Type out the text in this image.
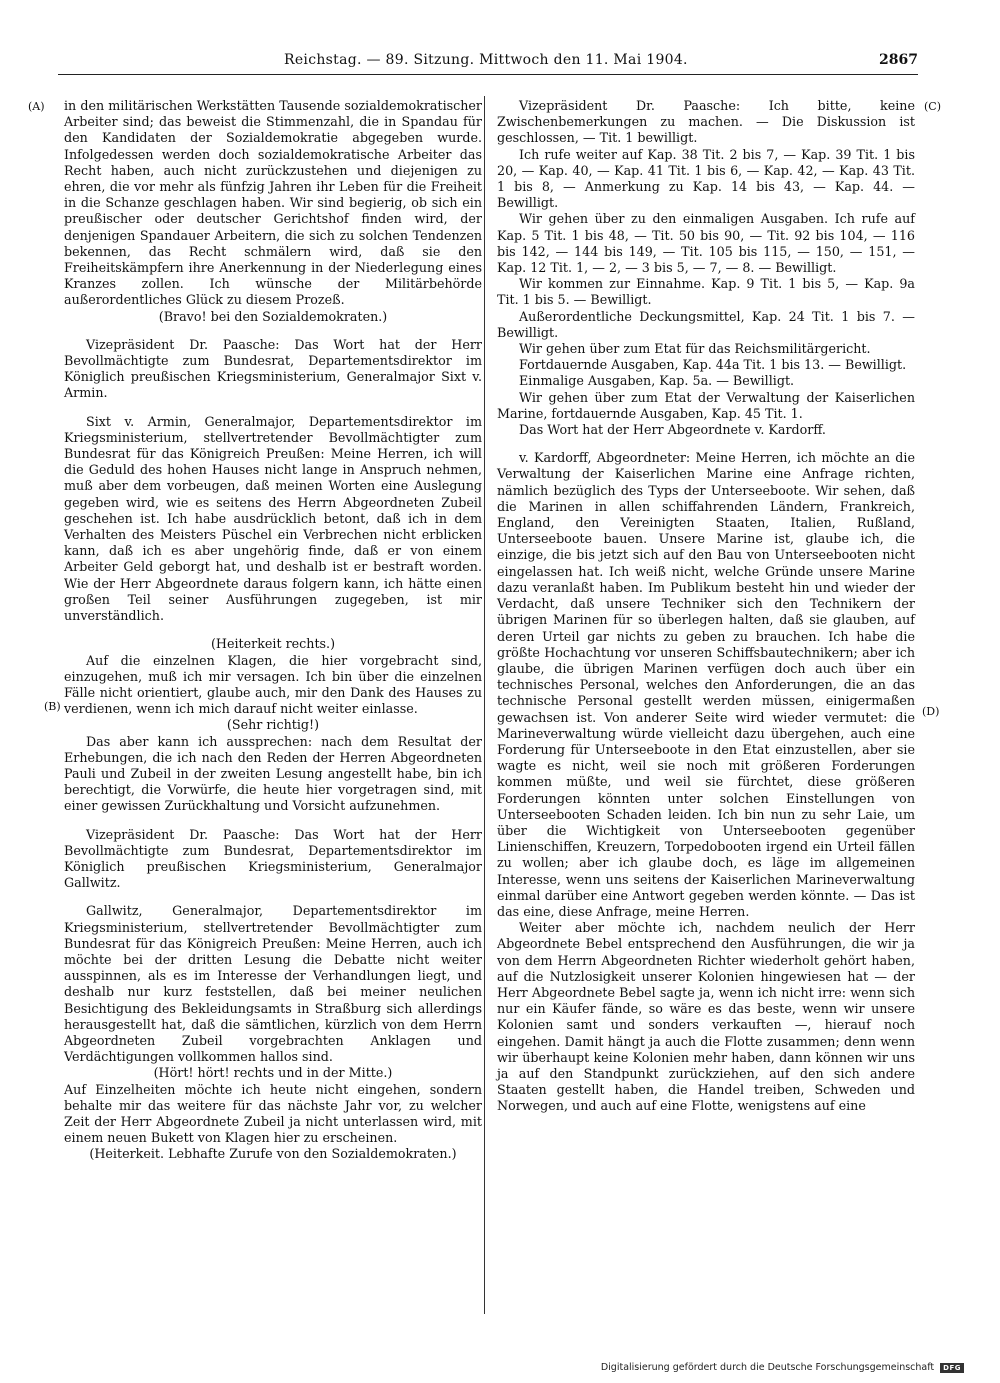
Reichstag. — 89. Sitzung. Mittwoch den 11. Mai 1904.	2867
(A)
(B)
(C)
(D)

in den militärischen Werkstätten Tausende sozialdemokratischer Arbeiter sind; das beweist die Stimmenzahl, die in Spandau für den Kandidaten der Sozialdemokratie abgegeben wurde. Infolgedessen werden doch sozialdemokratische Arbeiter das Recht haben, auch nicht zurückzustehen und diejenigen zu ehren, die vor mehr als fünfzig Jahren ihr Leben für die Freiheit in die Schanze geschlagen haben. Wir sind begierig, ob sich ein preußischer oder deutscher Gerichtshof finden wird, der denjenigen Spandauer Arbeitern, die sich zu solchen Tendenzen bekennen, das Recht schmälern wird, daß sie den Freiheitskämpfern ihre Anerkennung in der Niederlegung eines Kranzes zollen. Ich wünsche der Militärbehörde außerordentliches Glück zu diesem Prozeß.

(Bravo! bei den Sozialdemokraten.)

Vizepräsident Dr. Paasche: Das Wort hat der Herr Bevollmächtigte zum Bundesrat, Departementsdirektor im Königlich preußischen Kriegsministerium, Generalmajor Sixt v. Armin.

Sixt v. Armin, Generalmajor, Departementsdirektor im Kriegsministerium, stellvertretender Bevollmächtigter zum Bundesrat für das Königreich Preußen: Meine Herren, ich will die Geduld des hohen Hauses nicht lange in Anspruch nehmen, muß aber dem vorbeugen, daß meinen Worten eine Auslegung gegeben wird, wie es seitens des Herrn Abgeordneten Zubeil geschehen ist. Ich habe ausdrücklich betont, daß ich in dem Verhalten des Meisters Püschel ein Verbrechen nicht erblicken kann, daß ich es aber ungehörig finde, daß er von einem Arbeiter Geld geborgt hat, und deshalb ist er bestraft worden. Wie der Herr Abgeordnete daraus folgern kann, ich hätte einen großen Teil seiner Ausführungen zugegeben, ist mir unverständlich.

(Heiterkeit rechts.)

Auf die einzelnen Klagen, die hier vorgebracht sind, einzugehen, muß ich mir versagen. Ich bin über die einzelnen Fälle nicht orientiert, glaube auch, mir den Dank des Hauses zu verdienen, wenn ich mich darauf nicht weiter einlasse.

(Sehr richtig!)

Das aber kann ich aussprechen: nach dem Resultat der Erhebungen, die ich nach den Reden der Herren Abgeordneten Pauli und Zubeil in der zweiten Lesung angestellt habe, bin ich berechtigt, die Vorwürfe, die heute hier vorgetragen sind, mit einer gewissen Zurückhaltung und Vorsicht aufzunehmen.

Vizepräsident Dr. Paasche: Das Wort hat der Herr Bevollmächtigte zum Bundesrat, Departementsdirektor im Königlich preußischen Kriegsministerium, Generalmajor Gallwitz.

Gallwitz, Generalmajor, Departementsdirektor im Kriegsministerium, stellvertretender Bevollmächtigter zum Bundesrat für das Königreich Preußen: Meine Herren, auch ich möchte bei der dritten Lesung die Debatte nicht weiter ausspinnen, als es im Interesse der Verhandlungen liegt, und deshalb nur kurz feststellen, daß bei meiner neulichen Besichtigung des Bekleidungsamts in Straßburg sich allerdings herausgestellt hat, daß die sämtlichen, kürzlich von dem Herrn Abgeordneten Zubeil vorgebrachten Anklagen und Verdächtigungen vollkommen hallos sind.

(Hört! hört! rechts und in der Mitte.)

Auf Einzelheiten möchte ich heute nicht eingehen, sondern behalte mir das weitere für das nächste Jahr vor, zu welcher Zeit der Herr Abgeordnete Zubeil ja nicht unterlassen wird, mit einem neuen Bukett von Klagen hier zu erscheinen.

(Heiterkeit. Lebhafte Zurufe von den Sozialdemokraten.)

Vizepräsident Dr. Paasche: Ich bitte, keine Zwischenbemerkungen zu machen. — Die Diskussion ist geschlossen, — Tit. 1 bewilligt.

Ich rufe weiter auf Kap. 38 Tit. 2 bis 7, — Kap. 39 Tit. 1 bis 20, — Kap. 40, — Kap. 41 Tit. 1 bis 6, — Kap. 42, — Kap. 43 Tit. 1 bis 8, — Anmerkung zu Kap. 14 bis 43, — Kap. 44. — Bewilligt.

Wir gehen über zu den einmaligen Ausgaben. Ich rufe auf Kap. 5 Tit. 1 bis 48, — Tit. 50 bis 90, — Tit. 92 bis 104, — 116 bis 142, — 144 bis 149, — Tit. 105 bis 115, — 150, — 151, — Kap. 12 Tit. 1, — 2, — 3 bis 5, — 7, — 8. — Bewilligt.

Wir kommen zur Einnahme. Kap. 9 Tit. 1 bis 5, — Kap. 9a Tit. 1 bis 5. — Bewilligt.

Außerordentliche Deckungsmittel, Kap. 24 Tit. 1 bis 7. — Bewilligt.

Wir gehen über zum Etat für das Reichsmilitärgericht.

Fortdauernde Ausgaben, Kap. 44a Tit. 1 bis 13. — Bewilligt.

Einmalige Ausgaben, Kap. 5a. — Bewilligt.

Wir gehen über zum Etat der Verwaltung der Kaiserlichen Marine, fortdauernde Ausgaben, Kap. 45 Tit. 1.

Das Wort hat der Herr Abgeordnete v. Kardorff.

v. Kardorff, Abgeordneter: Meine Herren, ich möchte an die Verwaltung der Kaiserlichen Marine eine Anfrage richten, nämlich bezüglich des Typs der Unterseeboote. Wir sehen, daß die Marinen in allen schiffahrenden Ländern, Frankreich, England, den Vereinigten Staaten, Italien, Rußland, Unterseeboote bauen. Unsere Marine ist, glaube ich, die einzige, die bis jetzt sich auf den Bau von Unterseebooten nicht eingelassen hat. Ich weiß nicht, welche Gründe unsere Marine dazu veranlaßt haben. Im Publikum besteht hin und wieder der Verdacht, daß unsere Techniker sich den Technikern der übrigen Marinen für so überlegen halten, daß sie glauben, auf deren Urteil gar nichts zu geben zu brauchen. Ich habe die größte Hochachtung vor unseren Schiffsbautechnikern; aber ich glaube, die übrigen Marinen verfügen doch auch über ein technisches Personal, welches den Anforderungen, die an das technische Personal gestellt werden müssen, einigermaßen gewachsen ist. Von anderer Seite wird wieder vermutet: die Marineverwaltung würde vielleicht dazu übergehen, auch eine Forderung für Unterseeboote in den Etat einzustellen, aber sie wagte es nicht, weil sie noch mit größeren Forderungen kommen müßte, und weil sie fürchtet, diese größeren Forderungen könnten unter solchen Einstellungen von Unterseebooten Schaden leiden. Ich bin nun zu sehr Laie, um über die Wichtigkeit von Unterseebooten gegenüber Linienschiffen, Kreuzern, Torpedobooten irgend ein Urteil fällen zu wollen; aber ich glaube doch, es läge im allgemeinen Interesse, wenn uns seitens der Kaiserlichen Marineverwaltung einmal darüber eine Antwort gegeben werden könnte. — Das ist das eine, diese Anfrage, meine Herren.

Weiter aber möchte ich, nachdem neulich der Herr Abgeordnete Bebel entsprechend den Ausführungen, die wir ja von dem Herrn Abgeordneten Richter wiederholt gehört haben, auf die Nutzlosigkeit unserer Kolonien hingewiesen hat — der Herr Abgeordnete Bebel sagte ja, wenn ich nicht irre: wenn sich nur ein Käufer fände, so wäre es das beste, wenn wir unsere Kolonien samt und sonders verkauften —, hierauf noch eingehen. Damit hängt ja auch die Flotte zusammen; denn wenn wir überhaupt keine Kolonien mehr haben, dann können wir uns ja auf den Standpunkt zurückziehen, auf den sich andere Staaten gestellt haben, die Handel treiben, Schweden und Norwegen, und auch auf eine Flotte, wenigstens auf eine

Digitalisierung gefördert durch die Deutsche Forschungsgemeinschaft	DFG
